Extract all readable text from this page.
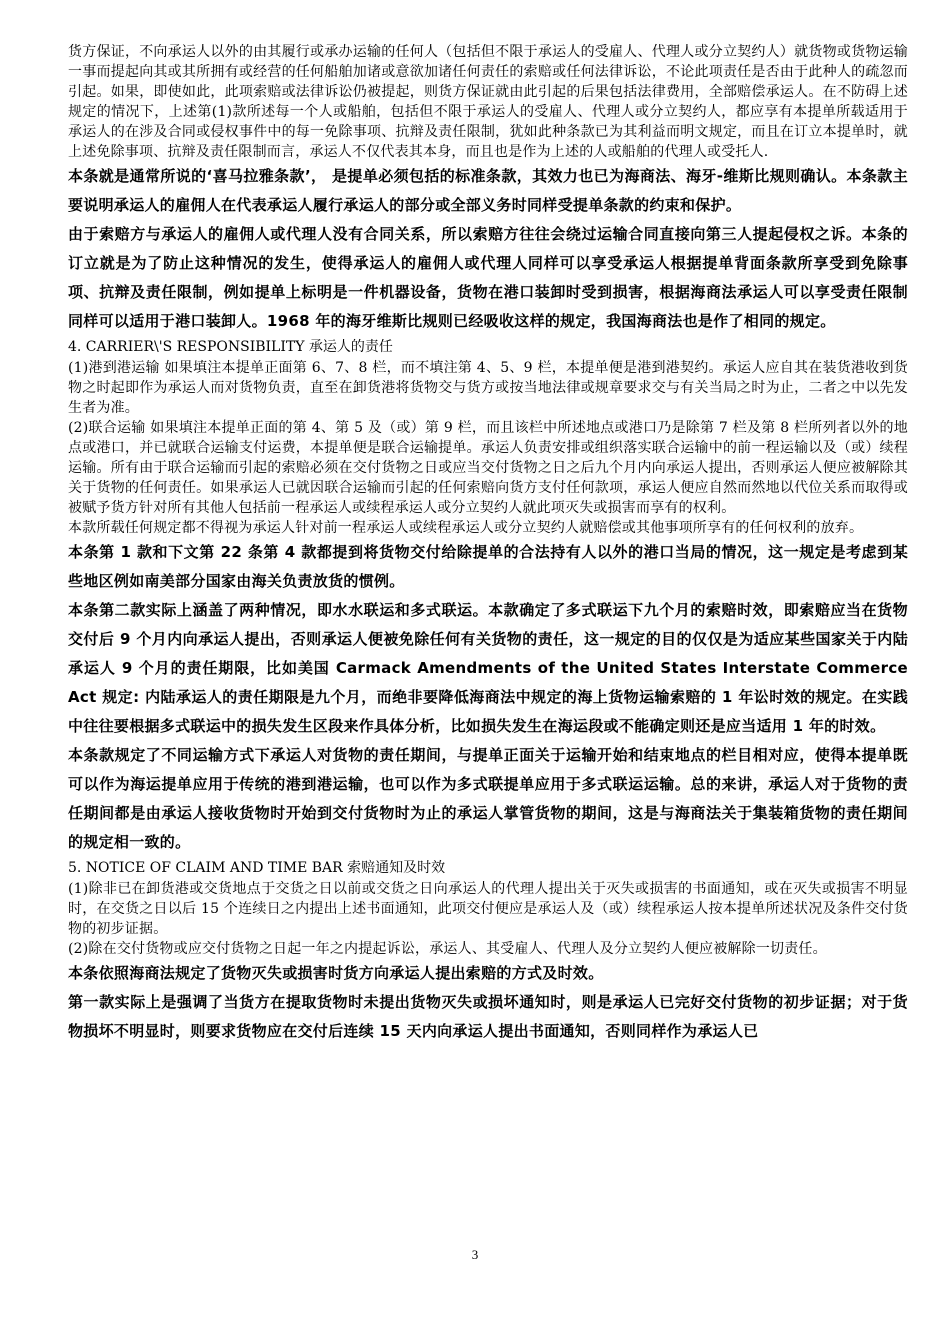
货方保证，不向承运人以外的由其履行或承办运输的任何人（包括但不限于承运人的受雇人、代理人或分立契约人）就货物或货物运输一事而提起向其或其所拥有或经营的任何船舶加诸或意欲加诸任何责任的索赔或任何法律诉讼，不论此项责任是否由于此种人的疏忽而引起。如果，即使如此，此项索赔或法律诉讼仍被提起，则货方保证就由此引起的后果包括法律费用，全部赔偿承运人。在不防碍上述规定的情况下，上述第(1)款所述每一个人或船舶，包括但不限于承运人的受雇人、代理人或分立契约人，都应享有本提单所载适用于承运人的在涉及合同或侵权事件中的每一免除事项、抗辩及责任限制，犹如此种条款已为其利益而明文规定，而且在订立本提单时，就上述免除事项、抗辩及责任限制而言，承运人不仅代表其本身，而且也是作为上述的人或船舶的代理人或受托人.

本条就是通常所说的‘喜马拉雅条款’， 是提单必须包括的标准条款，其效力也已为海商法、海牙-维斯比规则确认。本条款主要说明承运人的雇佣人在代表承运人履行承运人的部分或全部义务时同样受提单条款的约束和保护。

由于索赔方与承运人的雇佣人或代理人没有合同关系，所以索赔方往往会绕过运输合同直接向第三人提起侵权之诉。本条的订立就是为了防止这种情况的发生，使得承运人的雇佣人或代理人同样可以享受承运人根据提单背面条款所享受到免除事项、抗辩及责任限制，例如提单上标明是一件机器设备，货物在港口装卸时受到损害，根据海商法承运人可以享受责任限制同样可以适用于港口装卸人。1968 年的海牙维斯比规则已经吸收这样的规定，我国海商法也是作了相同的规定。

4. CARRIER\'S RESPONSIBILITY 承运人的责任

(1)港到港运输 如果填注本提单正面第 6、7、8 栏，而不填注第 4、5、9 栏，本提单便是港到港契约。承运人应自其在装货港收到货物之时起即作为承运人而对货物负责，直至在卸货港将货物交与货方或按当地法律或规章要求交与有关当局之时为止，二者之中以先发生者为准。

(2)联合运输 如果填注本提单正面的第 4、第 5 及（或）第 9 栏，而且该栏中所述地点或港口乃是除第 7 栏及第 8 栏所列者以外的地点或港口，并已就联合运输支付运费，本提单便是联合运输提单。承运人负责安排或组织落实联合运输中的前一程运输以及（或）续程运输。所有由于联合运输而引起的索赔必须在交付货物之日或应当交付货物之日之后九个月内向承运人提出，否则承运人便应被解除其关于货物的任何责任。如果承运人已就因联合运输而引起的任何索赔向货方支付任何款项，承运人便应自然而然地以代位关系而取得或被赋予货方针对所有其他人包括前一程承运人或续程承运人或分立契约人就此项灭失或损害而享有的权利。

本款所载任何规定都不得视为承运人针对前一程承运人或续程承运人或分立契约人就赔偿或其他事项所享有的任何权利的放弃。

本条第 1 款和下文第 22 条第 4 款都提到将货物交付给除提单的合法持有人以外的港口当局的情况，这一规定是考虑到某些地区例如南美部分国家由海关负责放货的惯例。

本条第二款实际上涵盖了两种情况，即水水联运和多式联运。本款确定了多式联运下九个月的索赔时效，即索赔应当在货物交付后 9 个月内向承运人提出，否则承运人便被免除任何有关货物的责任，这一规定的目的仅仅是为适应某些国家关于内陆承运人 9 个月的责任期限，比如美国 Carmack Amendments of the United States Interstate Commerce Act 规定: 内陆承运人的责任期限是九个月，而绝非要降低海商法中规定的海上货物运输索赔的 1 年讼时效的规定。在实践中往往要根据多式联运中的损失发生区段来作具体分析，比如损失发生在海运段或不能确定则还是应当适用 1 年的时效。

本条款规定了不同运输方式下承运人对货物的责任期间，与提单正面关于运输开始和结束地点的栏目相对应，使得本提单既可以作为海运提单应用于传统的港到港运输，也可以作为多式联提单应用于多式联运运输。总的来讲，承运人对于货物的责任期间都是由承运人接收货物时开始到交付货物时为止的承运人掌管货物的期间，这是与海商法关于集装箱货物的责任期间的规定相一致的。

5. NOTICE OF CLAIM AND TIME BAR 索赔通知及时效

(1)除非已在卸货港或交货地点于交货之日以前或交货之日向承运人的代理人提出关于灭失或损害的书面通知，或在灭失或损害不明显时，在交货之日以后 15 个连续日之内提出上述书面通知，此项交付便应是承运人及（或）续程承运人按本提单所述状况及条件交付货物的初步证据。

(2)除在交付货物或应交付货物之日起一年之内提起诉讼，承运人、其受雇人、代理人及分立契约人便应被解除一切责任。

本条依照海商法规定了货物灭失或损害时货方向承运人提出索赔的方式及时效。

第一款实际上是强调了当货方在提取货物时未提出货物灭失或损坏通知时，则是承运人已完好交付货物的初步证据；对于货物损坏不明显时，则要求货物应在交付后连续 15 天内向承运人提出书面通知，否则同样作为承运人已

3
